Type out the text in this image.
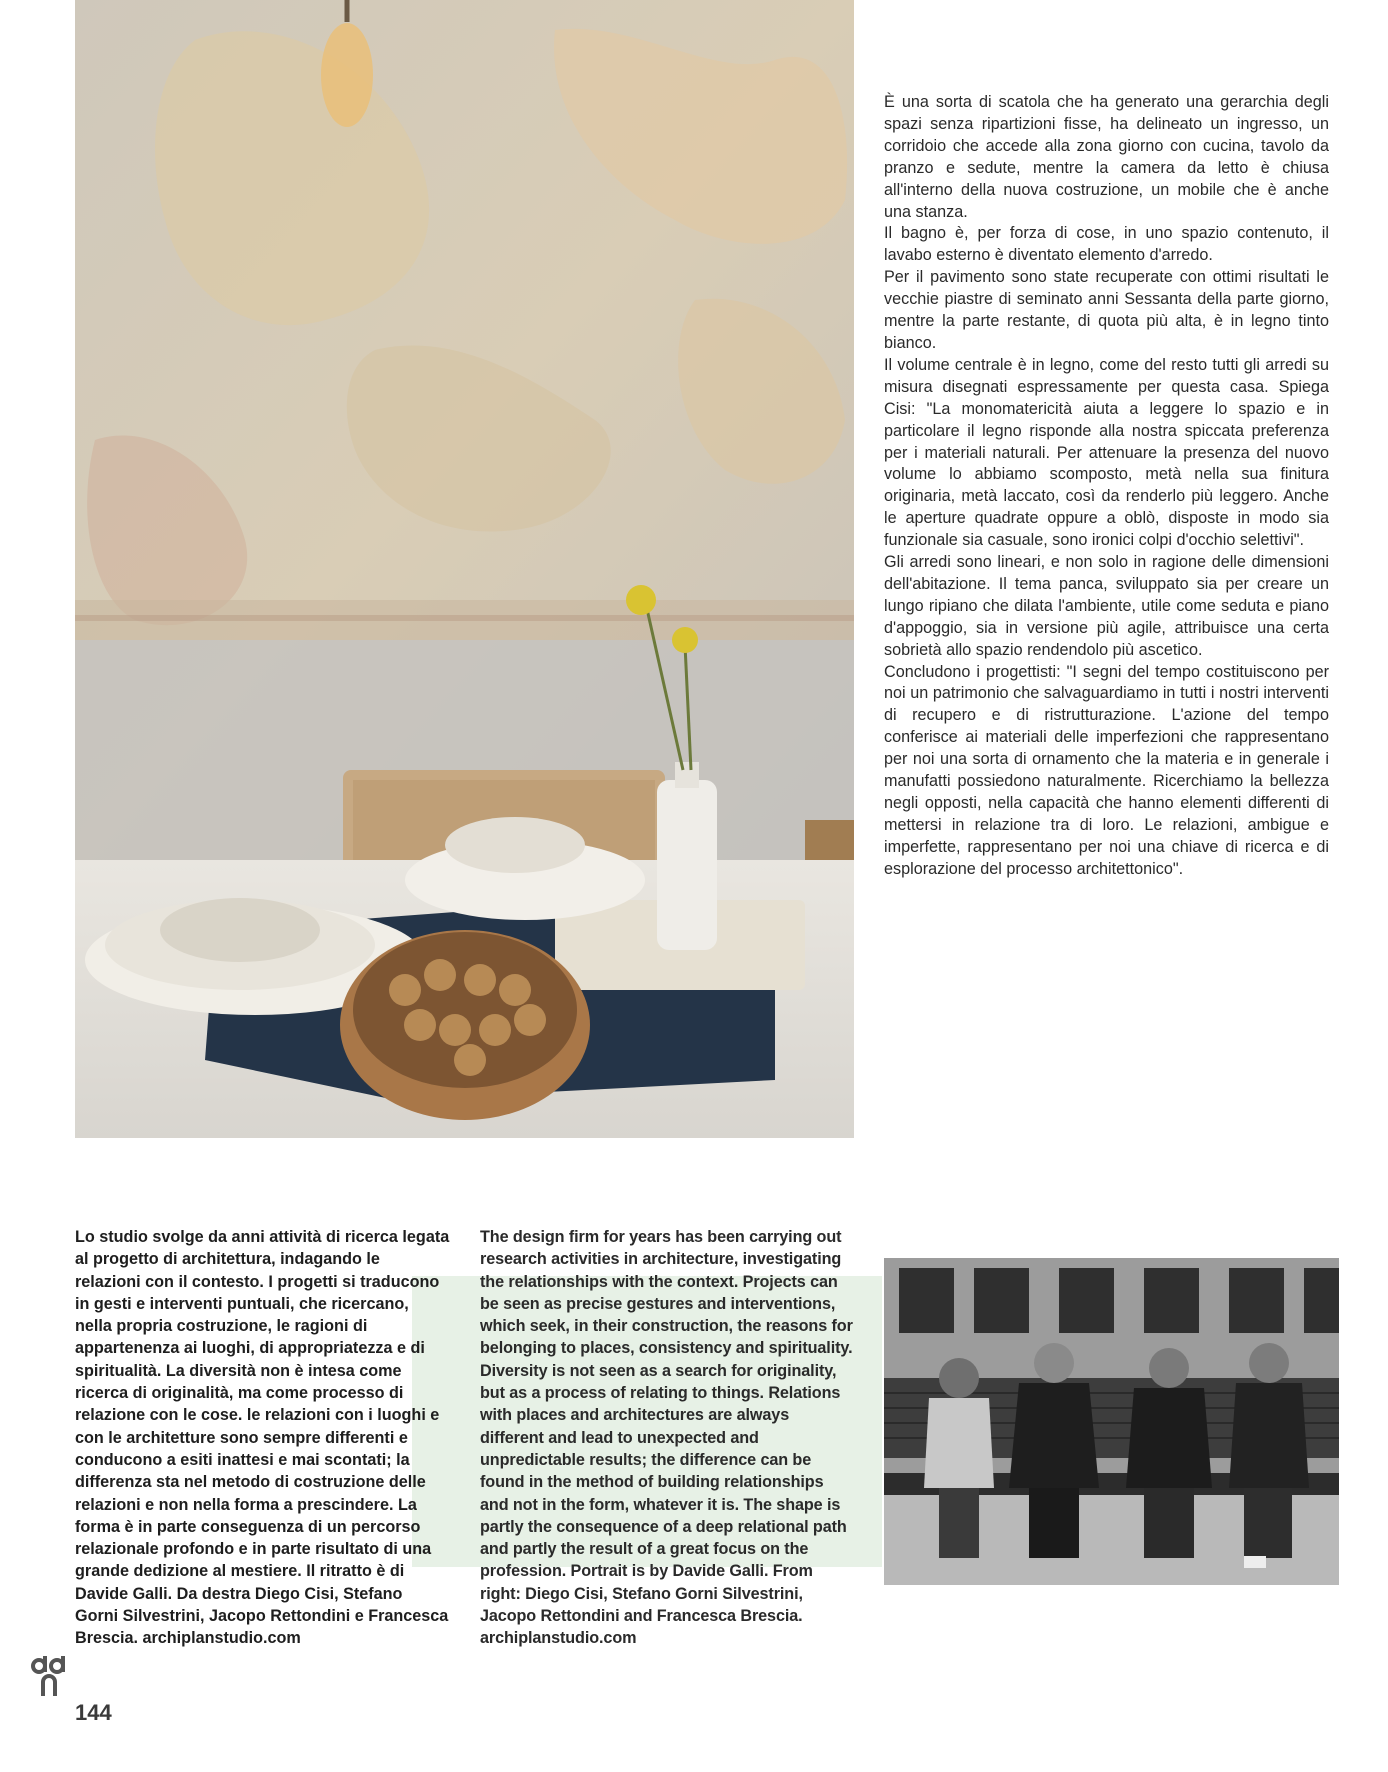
È una sorta di scatola che ha generato una gerarchia degli spazi senza ripartizioni fisse, ha delineato un ingresso, un corridoio che accede alla zona giorno con cucina, tavolo da pranzo e sedute, mentre la camera da letto è chiusa all'interno della nuova costruzione, un mobile che è anche una stanza.

Il bagno è, per forza di cose, in uno spazio contenuto, il lavabo esterno è diventato elemento d'arredo.

Per il pavimento sono state recuperate con ottimi risultati le vecchie piastre di seminato anni Sessanta della parte giorno, mentre la parte restante, di quota più alta, è in legno tinto bianco.

Il volume centrale è in legno, come del resto tutti gli arredi su misura disegnati espressamente per questa casa. Spiega Cisi: "La monomatericità aiuta a leggere lo spazio e in particolare il legno risponde alla nostra spiccata preferenza per i materiali naturali. Per attenuare la presenza del nuovo volume lo abbiamo scomposto, metà nella sua finitura originaria, metà laccato, così da renderlo più leggero. Anche le aperture quadrate oppure a oblò, disposte in modo sia funzionale sia casuale, sono ironici colpi d'occhio selettivi".

Gli arredi sono lineari, e non solo in ragione delle dimensioni dell'abitazione. Il tema panca, sviluppato sia per creare un lungo ripiano che dilata l'ambiente, utile come seduta e piano d'appoggio, sia in versione più agile, attribuisce una certa sobrietà allo spazio rendendolo più ascetico.

Concludono i progettisti: "I segni del tempo costituiscono per noi un patrimonio che salvaguardiamo in tutti i nostri interventi di recupero e di ristrutturazione. L'azione del tempo conferisce ai materiali delle imperfezioni che rappresentano per noi una sorta di ornamento che la materia e in generale i manufatti possiedono naturalmente. Ricerchiamo la bellezza negli opposti, nella capacità che hanno elementi differenti di mettersi in relazione tra di loro. Le relazioni, ambigue e imperfette, rappresentano per noi una chiave di ricerca e di esplorazione del processo architettonico".

Lo studio svolge da anni attività di ricerca legata al progetto di architettura, indagando le relazioni con il contesto. I progetti si traducono in gesti e interventi puntuali, che ricercano, nella propria costruzione, le ragioni di appartenenza ai luoghi, di appropriatezza e di spiritualità. La diversità non è intesa come ricerca di originalità, ma come processo di relazione con le cose. le relazioni con i luoghi e con le architetture sono sempre differenti e conducono a esiti inattesi e mai scontati; la differenza sta nel metodo di costruzione delle relazioni e non nella forma a prescindere. La forma è in parte conseguenza di un percorso relazionale profondo e in parte risultato di una grande dedizione al mestiere. Il ritratto è di Davide Galli. Da destra Diego Cisi, Stefano Gorni Silvestrini, Jacopo Rettondini e Francesca Brescia. archiplanstudio.com
The design firm for years has been carrying out research activities in architecture, investigating the relationships with the context. Projects can be seen as precise gestures and interventions, which seek, in their construction, the reasons for belonging to places, consistency and spirituality. Diversity is not seen as a search for originality, but as a process of relating to things. Relations with places and architectures are always different and lead to unexpected and unpredictable results; the difference can be found in the method of building relationships and not in the form, whatever it is. The shape is partly the consequence of a deep relational path and partly the result of a great focus on the profession. Portrait is by Davide Galli. From right: Diego Cisi, Stefano Gorni Silvestrini, Jacopo Rettondini and Francesca Brescia. archiplanstudio.com
144
